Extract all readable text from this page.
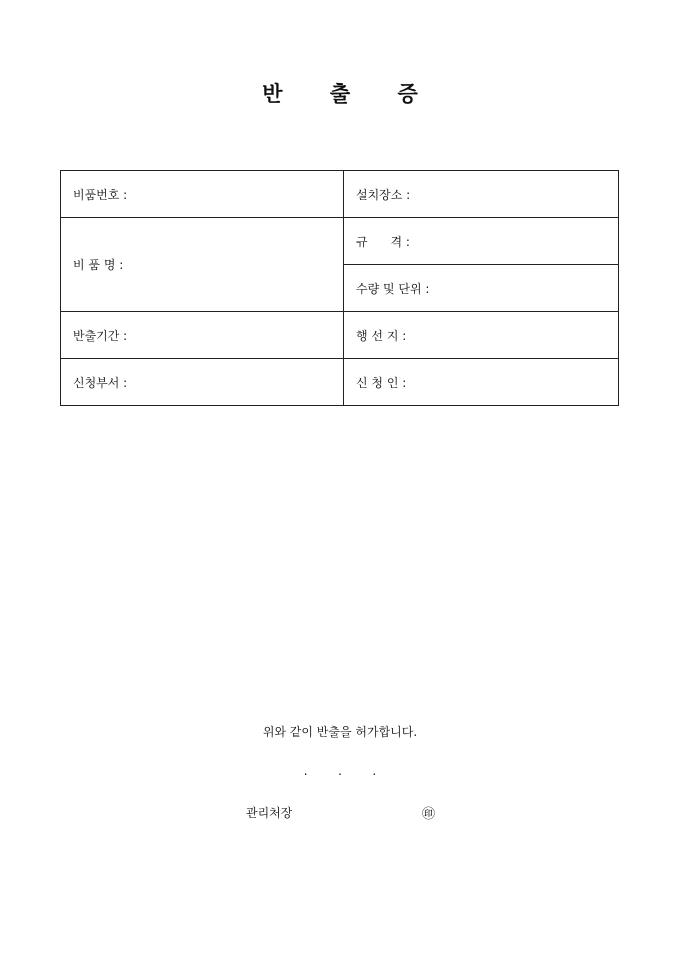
반 출 증
비품번호 :	설치장소 :
비 품 명 :	규      격 :
	수량 및 단위 :
반출기간 :	행 선 지 :
신청부서 :	신 청 인 :
위와 같이 반출을 허가합니다.
.        .        .
관리처장	㊞
